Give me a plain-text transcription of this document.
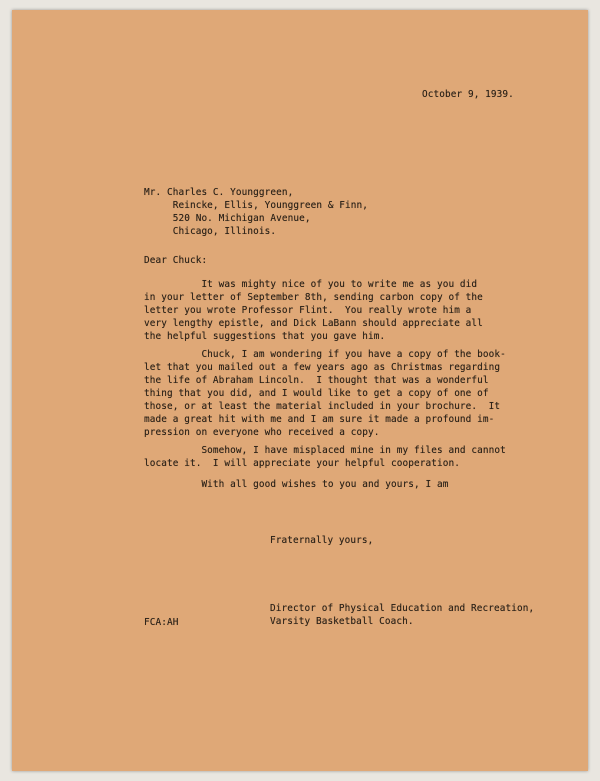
October 9, 1939.
Mr. Charles C. Younggreen,
Reincke, Ellis, Younggreen & Finn,
520 No. Michigan Avenue,
Chicago, Illinois.
Dear Chuck:
It was mighty nice of you to write me as you did
in your letter of September 8th, sending carbon copy of the
letter you wrote Professor Flint.  You really wrote him a
very lengthy epistle, and Dick LaBann should appreciate all
the helpful suggestions that you gave him.
Chuck, I am wondering if you have a copy of the book-
let that you mailed out a few years ago as Christmas regarding
the life of Abraham Lincoln.  I thought that was a wonderful
thing that you did, and I would like to get a copy of one of
those, or at least the material included in your brochure.  It
made a great hit with me and I am sure it made a profound im-
pression on everyone who received a copy.
Somehow, I have misplaced mine in my files and cannot
locate it.  I will appreciate your helpful cooperation.
With all good wishes to you and yours, I am
Fraternally yours,
Director of Physical Education and Recreation,
Varsity Basketball Coach.
FCA:AH
